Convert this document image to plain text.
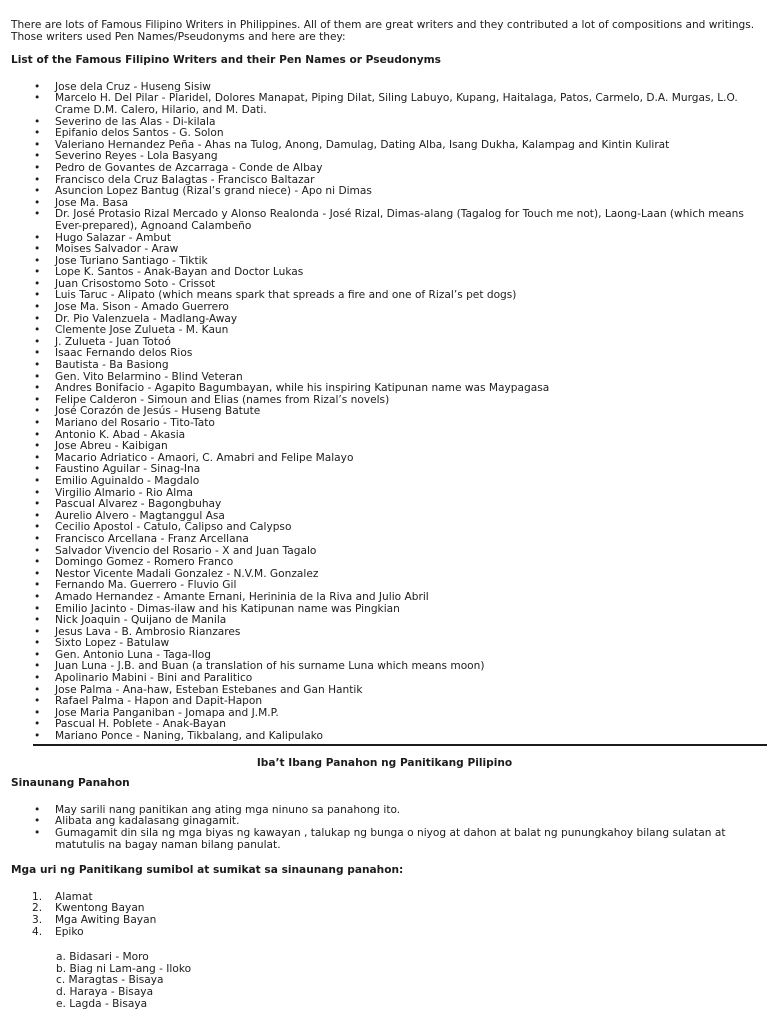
There are lots of Famous Filipino Writers in Philippines. All of them are great writers and they contributed a lot of compositions and writings. Those writers used Pen Names/Pseudonyms and here are they:

List of the Famous Filipino Writers and their Pen Names or Pseudonyms

• Jose dela Cruz - Huseng Sisiw
• Marcelo H. Del Pilar - Plaridel, Dolores Manapat, Piping Dilat, Siling Labuyo, Kupang, Haitalaga, Patos, Carmelo, D.A. Murgas, L.O. Crame D.M. Calero, Hilario, and M. Dati.
• Severino de las Alas - Di-kilala
• Epifanio delos Santos - G. Solon
• Valeriano Hernandez Peña - Ahas na Tulog, Anong, Damulag, Dating Alba, Isang Dukha, Kalampag and Kintin Kulirat
• Severino Reyes - Lola Basyang
• Pedro de Govantes de Azcarraga - Conde de Albay
• Francisco dela Cruz Balagtas - Francisco Baltazar
• Asuncion Lopez Bantug (Rizal’s grand niece) - Apo ni Dimas
• Jose Ma. Basa
• Dr. José Protasio Rizal Mercado y Alonso Realonda - José Rizal, Dimas-alang (Tagalog for Touch me not), Laong-Laan (which means Ever-prepared), Agnoand Calambeño
• Hugo Salazar - Ambut
• Moises Salvador - Araw
• Jose Turiano Santiago - Tiktik
• Lope K. Santos - Anak-Bayan and Doctor Lukas
• Juan Crisostomo Soto - Crissot
• Luis Taruc - Alipato (which means spark that spreads a fire and one of Rizal’s pet dogs)
• Jose Ma. Sison - Amado Guerrero
• Dr. Pio Valenzuela - Madlang-Away
• Clemente Jose Zulueta - M. Kaun
• J. Zulueta - Juan Totoó
• Isaac Fernando delos Rios
• Bautista - Ba Basiong
• Gen. Vito Belarmino - Blind Veteran
• Andres Bonifacio - Agapito Bagumbayan, while his inspiring Katipunan name was Maypagasa
• Felipe Calderon - Simoun and Elias (names from Rizal’s novels)
• José Corazón de Jesús - Huseng Batute
• Mariano del Rosario - Tito-Tato
• Antonio K. Abad - Akasia
• Jose Abreu - Kaibigan
• Macario Adriatico - Amaori, C. Amabri and Felipe Malayo
• Faustino Aguilar - Sinag-Ina
• Emilio Aguinaldo - Magdalo
• Virgilio Almario - Rio Alma
• Pascual Alvarez - Bagongbuhay
• Aurelio Alvero - Magtanggul Asa
• Cecilio Apostol - Catulo, Calipso and Calypso
• Francisco Arcellana - Franz Arcellana
• Salvador Vivencio del Rosario - X and Juan Tagalo
• Domingo Gomez - Romero Franco
• Nestor Vicente Madali Gonzalez - N.V.M. Gonzalez
• Fernando Ma. Guerrero - Fluvio Gil
• Amado Hernandez - Amante Ernani, Herininia de la Riva and Julio Abril
• Emilio Jacinto - Dimas-ilaw and his Katipunan name was Pingkian
• Nick Joaquin - Quijano de Manila
• Jesus Lava - B. Ambrosio Rianzares
• Sixto Lopez - Batulaw
• Gen. Antonio Luna - Taga-Ilog
• Juan Luna - J.B. and Buan (a translation of his surname Luna which means moon)
• Apolinario Mabini - Bini and Paralitico
• Jose Palma - Ana-haw, Esteban Estebanes and Gan Hantik
• Rafael Palma - Hapon and Dapit-Hapon
• Jose Maria Panganiban - Jomapa and J.M.P.
• Pascual H. Poblete - Anak-Bayan
• Mariano Ponce - Naning, Tikbalang, and Kalipulako

Iba’t Ibang Panahon ng Panitikang Pilipino

Sinaunang Panahon

• May sarili nang panitikan ang ating mga ninuno sa panahong ito.
• Alibata ang kadalasang ginagamit.
• Gumagamit din sila ng mga biyas ng kawayan , talukap ng bunga o niyog at dahon at balat ng punungkahoy bilang sulatan at matutulis na bagay naman bilang panulat.

Mga uri ng Panitikang sumibol at sumikat sa sinaunang panahon:

1. Alamat
2. Kwentong Bayan
3. Mga Awiting Bayan
4. Epiko
a. Bidasari - Moro
b. Biag ni Lam-ang - Iloko
c. Maragtas - Bisaya
d. Haraya - Bisaya
e. Lagda - Bisaya
